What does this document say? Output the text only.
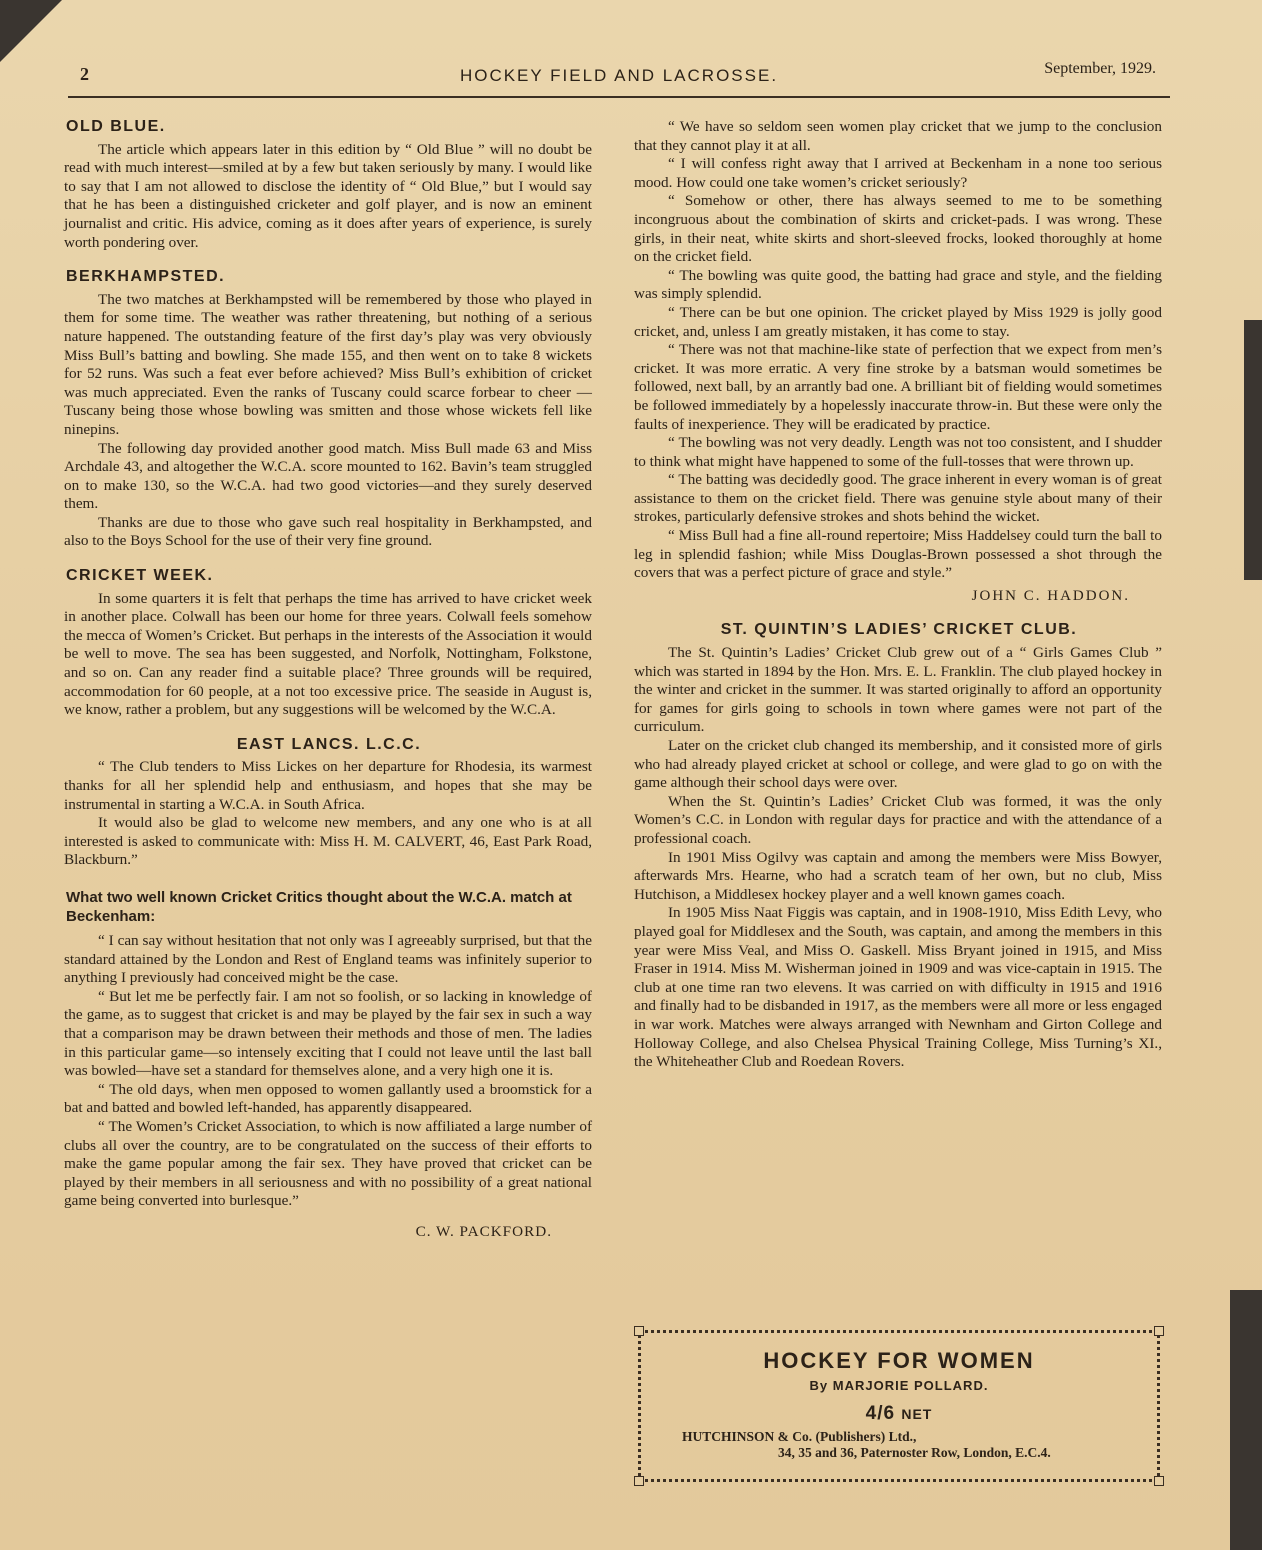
2	HOCKEY FIELD AND LACROSSE.	September, 1929.
OLD BLUE.

The article which appears later in this edition by “ Old Blue ” will no doubt be read with much interest—smiled at by a few but taken seriously by many. I would like to say that I am not allowed to disclose the identity of “ Old Blue,” but I would say that he has been a distinguished cricketer and golf player, and is now an eminent journalist and critic. His advice, coming as it does after years of experience, is surely worth pondering over.

BERKHAMPSTED.

The two matches at Berkhampsted will be remembered by those who played in them for some time. The weather was rather threatening, but nothing of a serious nature happened. The outstanding feature of the first day’s play was very obviously Miss Bull’s batting and bowling. She made 155, and then went on to take 8 wickets for 52 runs. Was such a feat ever before achieved? Miss Bull’s exhibition of cricket was much appreciated. Even the ranks of Tuscany could scarce forbear to cheer —Tuscany being those whose bowling was smitten and those whose wickets fell like ninepins.

The following day provided another good match. Miss Bull made 63 and Miss Archdale 43, and altogether the W.C.A. score mounted to 162. Bavin’s team struggled on to make 130, so the W.C.A. had two good victories—and they surely deserved them.

Thanks are due to those who gave such real hospitality in Berkhampsted, and also to the Boys School for the use of their very fine ground.

CRICKET WEEK.

In some quarters it is felt that perhaps the time has arrived to have cricket week in another place. Colwall has been our home for three years. Colwall feels somehow the mecca of Women’s Cricket. But perhaps in the interests of the Association it would be well to move. The sea has been suggested, and Norfolk, Nottingham, Folkstone, and so on. Can any reader find a suitable place? Three grounds will be required, accommodation for 60 people, at a not too excessive price. The seaside in August is, we know, rather a problem, but any suggestions will be welcomed by the W.C.A.

EAST LANCS. L.C.C.

“ The Club tenders to Miss Lickes on her departure for Rhodesia, its warmest thanks for all her splendid help and enthusiasm, and hopes that she may be instrumental in starting a W.C.A. in South Africa.

It would also be glad to welcome new members, and any one who is at all interested is asked to communicate with: Miss H. M. CALVERT, 46, East Park Road, Blackburn.”

What two well known Cricket Critics thought about the W.C.A. match at Beckenham:

“ I can say without hesitation that not only was I agreeably surprised, but that the standard attained by the London and Rest of England teams was infinitely superior to anything I previously had conceived might be the case.

“ But let me be perfectly fair. I am not so foolish, or so lacking in knowledge of the game, as to suggest that cricket is and may be played by the fair sex in such a way that a comparison may be drawn between their methods and those of men. The ladies in this particular game—so intensely exciting that I could not leave until the last ball was bowled—have set a standard for themselves alone, and a very high one it is.

“ The old days, when men opposed to women gallantly used a broomstick for a bat and batted and bowled left-handed, has apparently disappeared.

“ The Women’s Cricket Association, to which is now affiliated a large number of clubs all over the country, are to be congratulated on the success of their efforts to make the game popular among the fair sex. They have proved that cricket can be played by their members in all seriousness and with no possibility of a great national game being converted into burlesque.”

C. W. PACKFORD.

“ We have so seldom seen women play cricket that we jump to the conclusion that they cannot play it at all.

“ I will confess right away that I arrived at Beckenham in a none too serious mood. How could one take women’s cricket seriously?

“ Somehow or other, there has always seemed to me to be something incongruous about the combination of skirts and cricket-pads. I was wrong. These girls, in their neat, white skirts and short-sleeved frocks, looked thoroughly at home on the cricket field.

“ The bowling was quite good, the batting had grace and style, and the fielding was simply splendid.

“ There can be but one opinion. The cricket played by Miss 1929 is jolly good cricket, and, unless I am greatly mistaken, it has come to stay.

“ There was not that machine-like state of perfection that we expect from men’s cricket. It was more erratic. A very fine stroke by a batsman would sometimes be followed, next ball, by an arrantly bad one. A brilliant bit of fielding would sometimes be followed immediately by a hopelessly inaccurate throw-in. But these were only the faults of inexperience. They will be eradicated by practice.

“ The bowling was not very deadly. Length was not too consistent, and I shudder to think what might have happened to some of the full-tosses that were thrown up.

“ The batting was decidedly good. The grace inherent in every woman is of great assistance to them on the cricket field. There was genuine style about many of their strokes, particularly defensive strokes and shots behind the wicket.

“ Miss Bull had a fine all-round repertoire; Miss Haddelsey could turn the ball to leg in splendid fashion; while Miss Douglas-Brown possessed a shot through the covers that was a perfect picture of grace and style.”

JOHN C. HADDON.
ST. QUINTIN’S LADIES’ CRICKET CLUB.

The St. Quintin’s Ladies’ Cricket Club grew out of a “ Girls Games Club ” which was started in 1894 by the Hon. Mrs. E. L. Franklin. The club played hockey in the winter and cricket in the summer. It was started originally to afford an opportunity for games for girls going to schools in town where games were not part of the curriculum.

Later on the cricket club changed its membership, and it consisted more of girls who had already played cricket at school or college, and were glad to go on with the game although their school days were over.

When the St. Quintin’s Ladies’ Cricket Club was formed, it was the only Women’s C.C. in London with regular days for practice and with the attendance of a professional coach.

In 1901 Miss Ogilvy was captain and among the members were Miss Bowyer, afterwards Mrs. Hearne, who had a scratch team of her own, but no club, Miss Hutchison, a Middlesex hockey player and a well known games coach.

In 1905 Miss Naat Figgis was captain, and in 1908-1910, Miss Edith Levy, who played goal for Middlesex and the South, was captain, and among the members in this year were Miss Veal, and Miss O. Gaskell. Miss Bryant joined in 1915, and Miss Fraser in 1914. Miss M. Wisherman joined in 1909 and was vice-captain in 1915. The club at one time ran two elevens. It was carried on with difficulty in 1915 and 1916 and finally had to be disbanded in 1917, as the members were all more or less engaged in war work. Matches were always arranged with Newnham and Girton College and Holloway College, and also Chelsea Physical Training College, Miss Turning’s XI., the Whiteheather Club and Roedean Rovers.

HOCKEY FOR WOMEN
By MARJORIE POLLARD.
4/6 NET
HUTCHINSON & Co. (Publishers) Ltd.,
34, 35 and 36, Paternoster Row, London, E.C.4.
